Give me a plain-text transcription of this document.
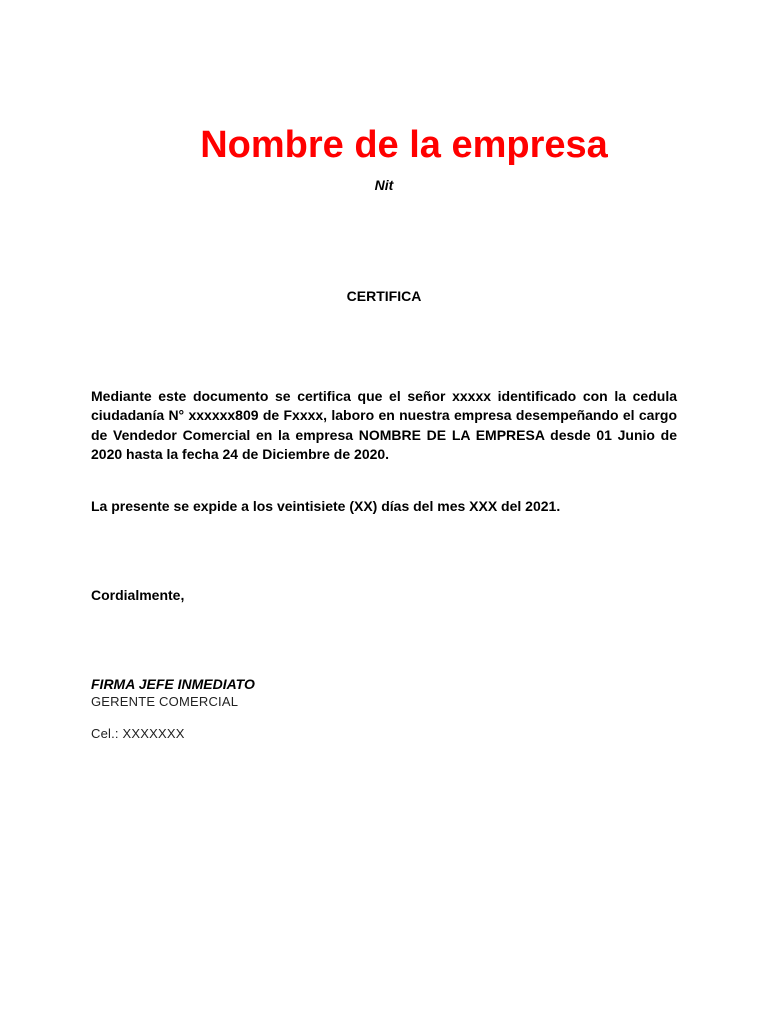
Nombre de la empresa
Nit
CERTIFICA

Mediante este documento se certifica que el señor xxxxx identificado con la cedula ciudadanía N° xxxxxx809 de Fxxxx, laboro en nuestra empresa desempeñando el cargo de Vendedor Comercial en la empresa NOMBRE DE LA EMPRESA desde 01 Junio de 2020 hasta la fecha 24 de Diciembre de 2020.

La presente se expide a los veintisiete (XX) días del mes XXX del 2021.

Cordialmente,
FIRMA JEFE INMEDIATO
GERENTE COMERCIAL
Cel.: XXXXXXX
